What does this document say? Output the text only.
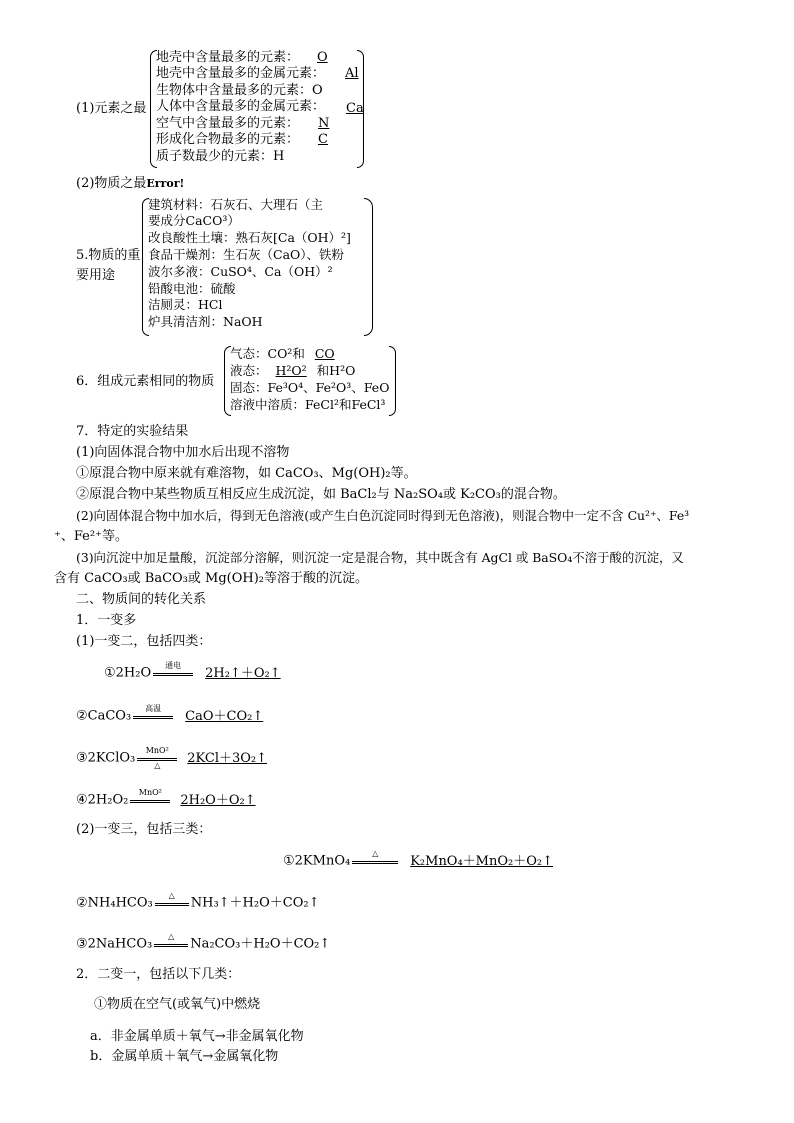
(1)元素之最
地壳中含量最多的元素： O
地壳中含量最多的金属元素： Al
生物体中含量最多的元素：O
人体中含量最多的金属元素： Ca
空气中含量最多的元素： N
形成化合物最多的元素： C
质子数最少的元素：H
(2)物质之最Error!
5.物质的重
要用途
建筑材料：石灰石、大理石（主
要成分CaCO³）
改良酸性土壤：熟石灰[Ca（OH）²]
食品干燥剂：生石灰（CaO）、铁粉
波尔多液：CuSO⁴、Ca（OH）²
铅酸电池：硫酸
洁厕灵：HCl
炉具清洁剂：NaOH
6．组成元素相同的物质
气态：CO²和 CO
液态： H²O² 和H²O
固态：Fe³O⁴、Fe²O³、FeO
溶液中溶质：FeCl²和FeCl³
7．特定的实验结果
(1)向固体混合物中加水后出现不溶物
①原混合物中原来就有难溶物，如 CaCO₃、Mg(OH)₂等。
②原混合物中某些物质互相反应生成沉淀，如 BaCl₂与 Na₂SO₄或 K₂CO₃的混合物。
(2)向固体混合物中加水后，得到无色溶液(或产生白色沉淀同时得到无色溶液)，则混合物中一定不含 Cu²⁺、Fe³
⁺、Fe²⁺等。
(3)向沉淀中加足量酸，沉淀部分溶解，则沉淀一定是混合物，其中既含有 AgCl 或 BaSO₄不溶于酸的沉淀，又
含有 CaCO₃或 BaCO₃或 Mg(OH)₂等溶于酸的沉淀。
二、物质间的转化关系
1．一变多
(1)一变二，包括四类：
①2H₂O	通电	2H₂↑＋O₂↑
②CaCO₃	高温	CaO＋CO₂↑
③2KClO₃	MnO²
△	2KCl＋3O₂↑
④2H₂O₂	MnO²	2H₂O＋O₂↑
(2)一变三，包括三类：
①2KMnO₄	△	K₂MnO₄＋MnO₂＋O₂↑
②NH₄HCO₃	△	NH₃↑＋H₂O＋CO₂↑
③2NaHCO₃	△	Na₂CO₃＋H₂O＋CO₂↑
2．二变一，包括以下几类：
①物质在空气(或氧气)中燃烧
a．非金属单质＋氧气→非金属氧化物
b．金属单质＋氧气→金属氧化物
